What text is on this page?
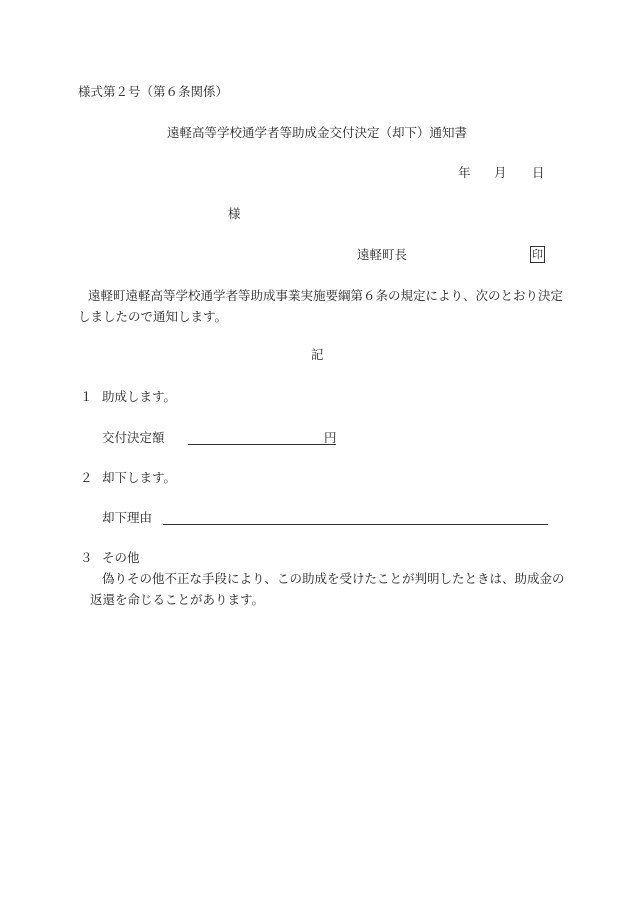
様式第２号（第６条関係）
遠軽高等学校通学者等助成金交付決定（却下）通知書
年 月 日
様
遠軽町長	印
遠軽町遠軽高等学校通学者等助成事業実施要綱第６条の規定により、次のとおり決定
しましたので通知します。
記
１ 助成します。
交付決定額	円
２ 却下します。
却下理由
３ その他
偽りその他不正な手段により、この助成を受けたことが判明したときは、助成金の
返還を命じることがあります。
